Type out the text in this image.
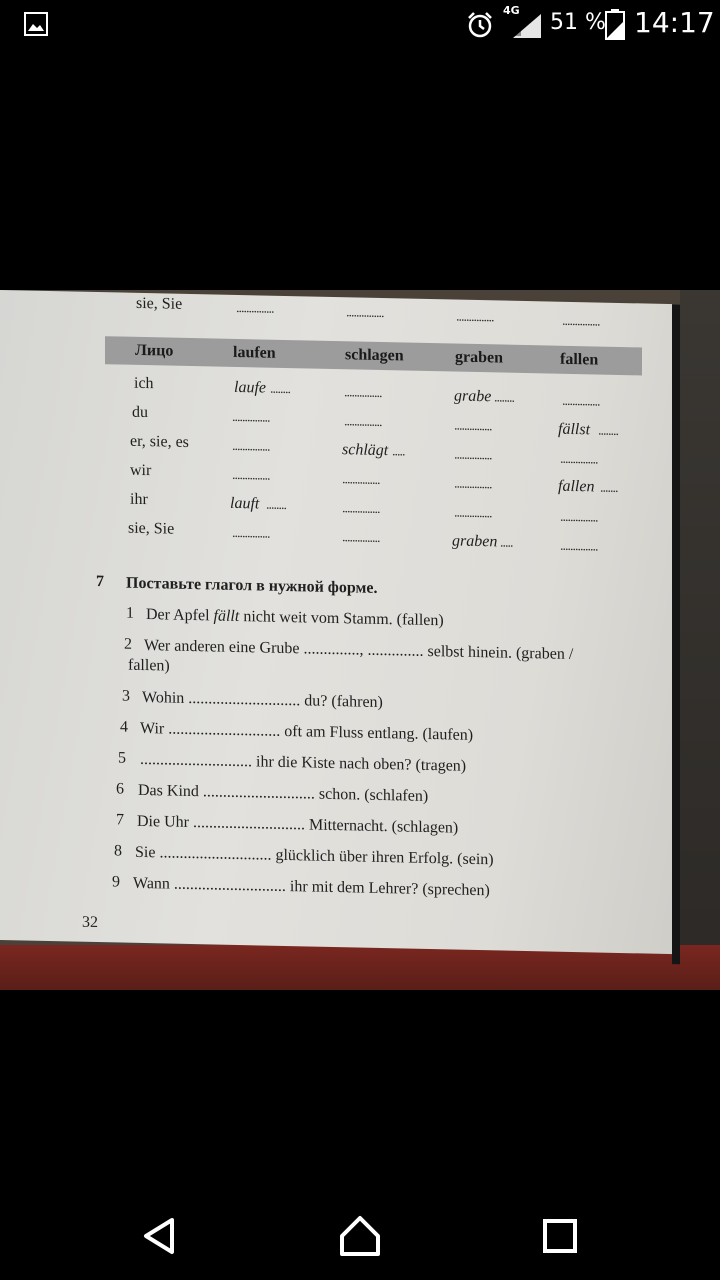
4G 51 % 14:17
sie, Sie	...............	...............	...............	...............
Лицо	laufen	schlagen	graben	fallen
ich	laufe ........	...............	grabe ........	...............
du	...............	...............	...............	fällst ........
er, sie, es	...............	schlägt .....	...............	...............
wir	...............	...............	...............	fallen .......
ihr	lauft ........	...............	...............	...............
sie, Sie	...............	...............	graben .....	...............
7 Поставьте глагол в нужной форме.
1 Der Apfel fällt nicht weit vom Stamm. (fallen)
2 Wer anderen eine Grube .............., .............. selbst hinein. (graben /
fallen)
3 Wohin ............................ du? (fahren)
4 Wir ............................ oft am Fluss entlang. (laufen)
5 ............................ ihr die Kiste nach oben? (tragen)
6 Das Kind ............................ schon. (schlafen)
7 Die Uhr ............................ Mitternacht. (schlagen)
8 Sie ............................ glücklich über ihren Erfolg. (sein)
9 Wann ............................ ihr mit dem Lehrer? (sprechen)
32
